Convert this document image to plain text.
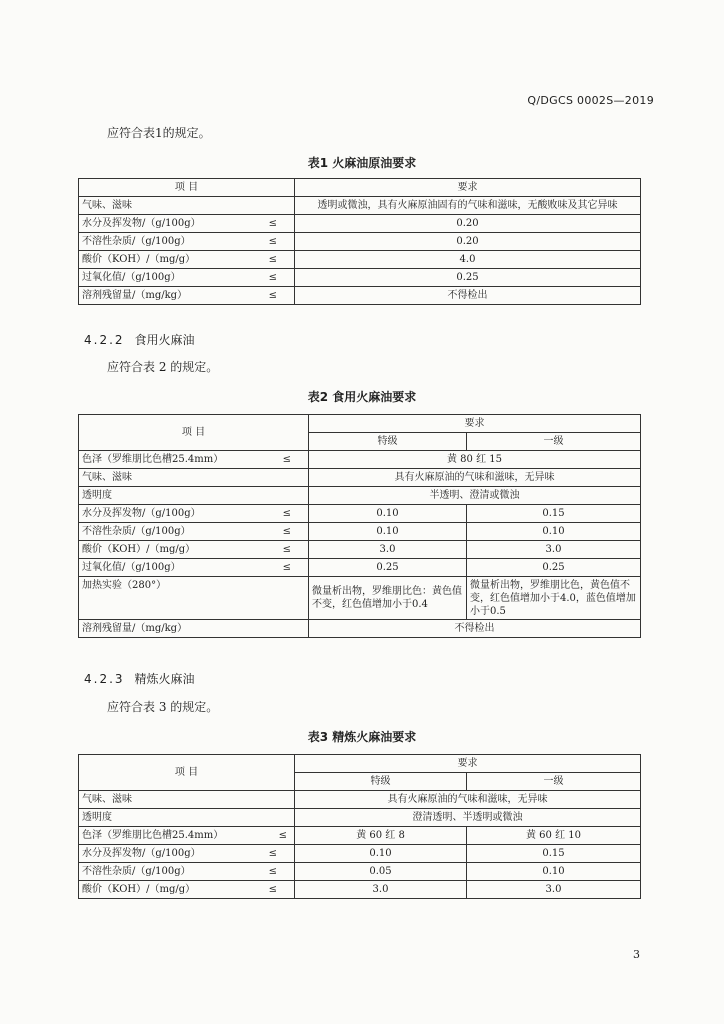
Q/DGCS 0002S—2019
应符合表1的规定。
表1 火麻油原油要求
项 目	要求
气味、滋味	透明或微浊，具有火麻原油固有的气味和滋味，无酸败味及其它异味
水分及挥发物/（g/100g） ≤	0.20
不溶性杂质/（g/100g） ≤	0.20
酸价（KOH）/（mg/g） ≤	4.0
过氧化值/（g/100g） ≤	0.25
溶剂残留量/（mg/kg） ≤	不得检出
4.2.2 食用火麻油
应符合表 2 的规定。
表2 食用火麻油要求
项 目	要求	
	特级	一级
色泽（罗维朋比色槽25.4mm） ≤	黄 80 红 15	
气味、滋味	具有火麻原油的气味和滋味，无异味	
透明度	半透明、澄清或微浊	
水分及挥发物/（g/100g） ≤	0.10	0.15
不溶性杂质/（g/100g） ≤	0.10	0.10
酸价（KOH）/（mg/g） ≤	3.0	3.0
过氧化值/（g/100g） ≤	0.25	0.25
加热实验（280°）	微量析出物，罗维朋比色：黄色值不变，红色值增加小于0.4	微量析出物，罗维朋比色，黄色值不变，红色值增加小于4.0，蓝色值增加小于0.5
溶剂残留量/（mg/kg）	不得检出	
4.2.3 精炼火麻油
应符合表 3 的规定。
表3 精炼火麻油要求
项 目	要求	
	特级	一级
气味、滋味	具有火麻原油的气味和滋味，无异味	
透明度	澄清透明、半透明或微浊	
色泽（罗维朋比色槽25.4mm） ≤	黄 60 红 8	黄 60 红 10
水分及挥发物/（g/100g） ≤	0.10	0.15
不溶性杂质/（g/100g） ≤	0.05	0.10
酸价（KOH）/（mg/g） ≤	3.0	3.0
3
